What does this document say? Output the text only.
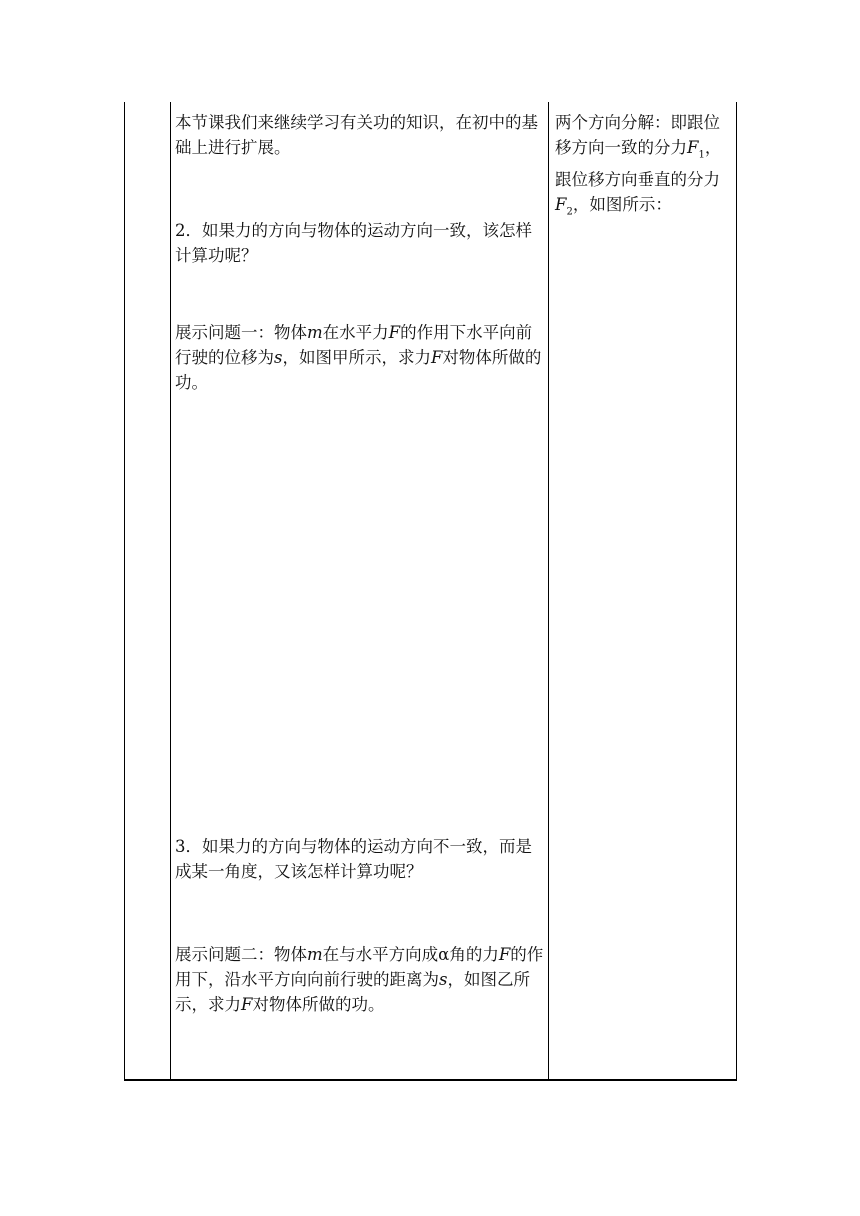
本节课我们来继续学习有关功的知识，在初中的基础上进行扩展。
2．如果力的方向与物体的运动方向一致，该怎样计算功呢？
展示问题一：物体m在水平力F的作用下水平向前行驶的位移为s，如图甲所示，求力F对物体所做的功。
3．如果力的方向与物体的运动方向不一致，而是成某一角度，又该怎样计算功呢？
展示问题二：物体m在与水平方向成α角的力F的作用下，沿水平方向向前行驶的距离为s，如图乙所示，求力F对物体所做的功。
两个方向分解：即跟位移方向一致的分力$F_1$，跟位移方向垂直的分力$F_2$，如图所示：
